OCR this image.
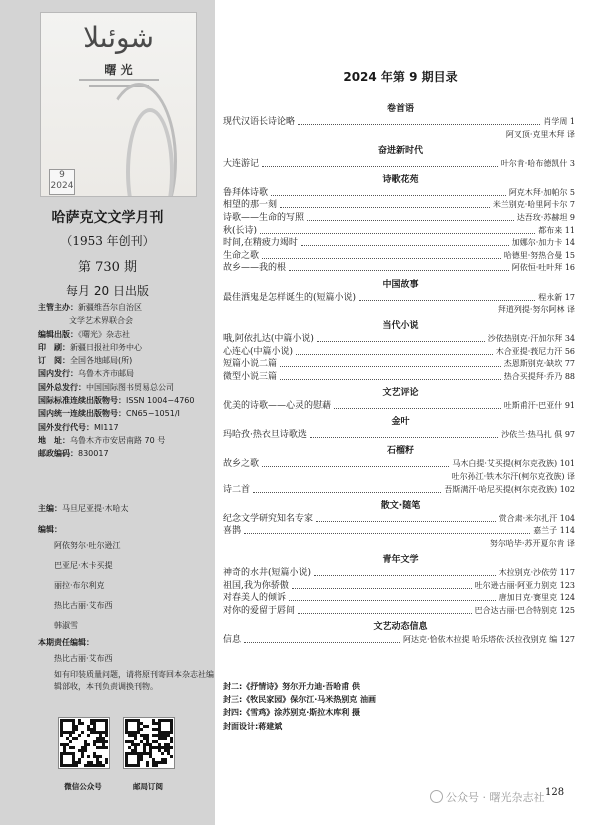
شوئىلا
曙 光
9 2024
哈萨克文文学月刊
（1953 年创刊）
第 730 期
每月 20 日出版
主管主办：新疆维吾尔自治区
文学艺术界联合会
编辑出版：《曙光》杂志社
印　刷：新疆日报社印务中心
订　阅：全国各地邮局(所)
国内发行：乌鲁木齐市邮局
国外总发行：中国国际图书贸易总公司
国际标准连续出版物号：ISSN 1004−4760
国内统一连续出版物号：CN65−1051/I
国外发行代号：MI117
地　址：乌鲁木齐市安居南路 70 号
邮政编码：830017
主编：马旦尼亚提·木哈太
编辑：
阿依努尔·吐尔逊江
巴亚尼·木卡买提
丽拉·布尔利克
热比古丽·艾布西
韩淑雪
本期责任编辑：
热比古丽·艾布西
如有印装质量问题，请将原刊寄回本杂志社编辑部收，本刊负责调换刊物。
微信公众号	邮局订阅
2024 年第 9 期目录
封二:《抒情诗》努尔开力迪·吾哈甫 供
封三:《牧民家园》保尔江·马米热别克 油画
封四:《雪鸡》涂苏别克·斯拉木库利 摄
封面设计:蒋建斌
卷首语
现代汉语长诗论略	肖学周 1
阿叉顶·克里木拜 译
奋进新时代
大连游记	叶尔肯·哈布德凯什 3
诗歌花苑
鲁拜体诗歌	阿克木拜·加帕尔 5
相望的那一刻	米兰别克·哈里阿卡尔 7
诗歌——生命的写照	达吾玫·苏赫坦 9
秋(长诗)	都布来 11
时间,在精疲力竭时	加娜尔·加力卡 14
生命之歌	哈德里·努热合曼 15
故乡——我的根	阿依恒·吐叶拜 16
中国故事
最佳洒鬼是怎样诞生的(短篇小说)	程永新 17
拜道列提·努尔阿林 译
当代小说
哦,阿依扎达(中篇小说)	沙依热别克·汗加尔拜 34
心连心(中篇小说)	木合亚提·莪尼力汗 56
短篇小说二篇	杰恩斯别克·缺坎 77
微型小说三篇	热合买提拜·乔乃 88
文艺评论
优美的诗歌——心灵的慰藉	吐斯甫汗·巴亚什 91
金叶
玛哈孜·热衣旦诗歌选	沙依兰·热马扎 俱 97
石榴籽
故乡之歌	马木白提·艾买提(柯尔克孜族) 101
吐尔孙江·铁木尔汗(柯尔克孜族) 译
诗二首	吾斯满汗·哈尼买提(柯尔克孜族) 102
散文·随笔
纪念文学研究知名专家	赏合肃·米尔扎汗 104
喜鹊	嘉兰子 114
努尔哈毕·苏开夏尔肯 译
青年文学
神奇的水井(短篇小说)	木拉别克·沙依劳 117
祖国,我为你骄傲	吐尔逊古丽·阿亚力别克 123
对春美人的倾诉	唐加日克·赛里克 124
对你的爱留于唇间	巴合达古丽·巴合特别克 125
文艺动态信息
信息	阿达克·恰依木拉提 哈乐塔依·沃拉孜别克 编 127
公众号 · 曙光杂志社 128
